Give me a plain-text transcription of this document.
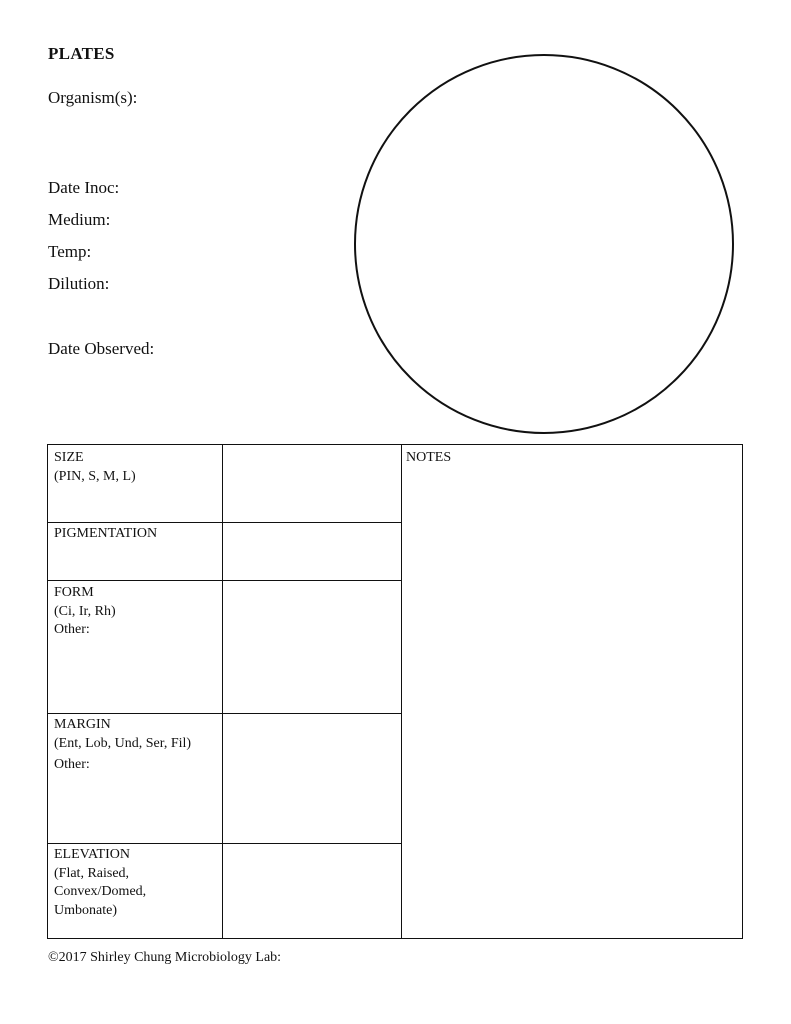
PLATES
Organism(s):
Date Inoc:
Medium:
Temp:
Dilution:
Date Observed:
SIZE
(PIN, S, M, L)
PIGMENTATION
FORM
(Ci, Ir, Rh)
Other:
MARGIN
(Ent, Lob, Und, Ser, Fil)
Other:
ELEVATION
(Flat, Raised,
Convex/Domed,
Umbonate)
NOTES
©2017 Shirley Chung Microbiology Lab:
